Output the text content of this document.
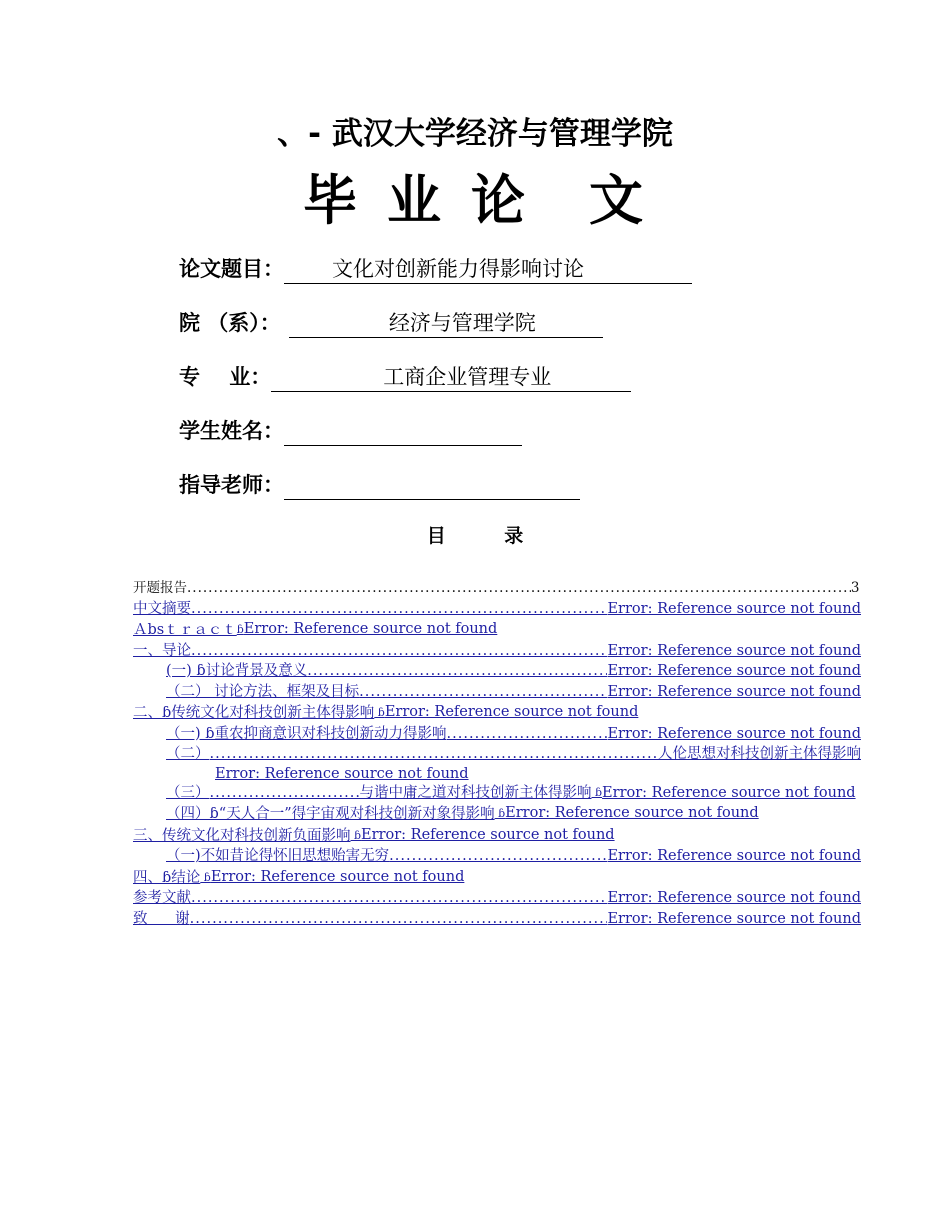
、- 武汉大学经济与管理学院
毕业论 文
论文题目：	文化对创新能力得影响讨论
院 （系）：	经济与管理学院
专    业：	工商企业管理专业
学生姓名：
指导老师：
目 录
开题报告 .....	3
中文摘要 .....	Error: Reference source not found
Ａbsｔｒａｃｔ ɓError: Reference source not found
一、导论 .....	Error: Reference source not found
(一) ɓ讨论背景及意义 .....	Error: Reference source not found
（二） 讨论方法、框架及目标 .....	Error: Reference source not found
二、ɓ传统文化对科技创新主体得影响 ɓError: Reference source not found
（一) ɓ重农抑商意识对科技创新动力得影响 .....	Error: Reference source not found
（二） .....	人伦思想对科技创新主体得影响
Error: Reference source not found
（三） .....	与谐中庸之道对科技创新主体得影响 ɓ Error: Reference source not found
（四）ɓ“天人合一”得宇宙观对科技创新对象得影响 ɓError: Reference source not found
三、传统文化对科技创新负面影响 ɓError: Reference source not found
（一)不如昔论得怀旧思想贻害无穷 .....	Error: Reference source not found
四、ɓ结论 ɓError: Reference source not found
参考文献 .....	Error: Reference source not found
致      谢 .....	Error: Reference source not found
